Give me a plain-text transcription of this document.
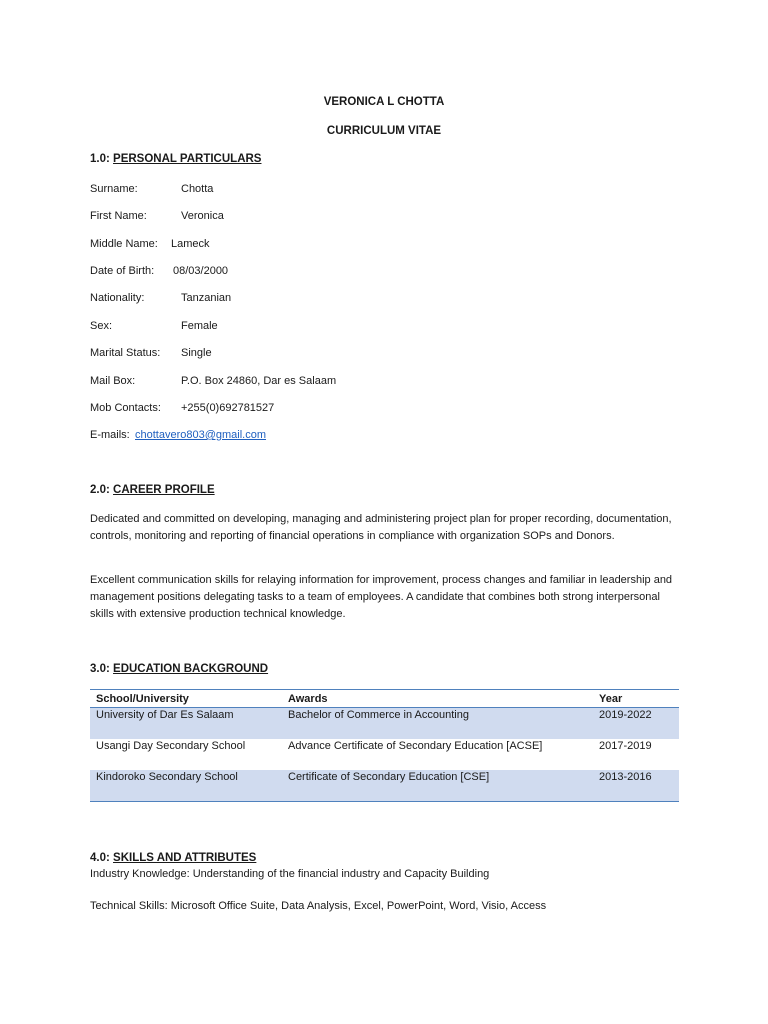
VERONICA L CHOTTA
CURRICULUM VITAE
1.0: PERSONAL PARTICULARS
Surname:	Chotta
First Name:	Veronica
Middle Name: Lameck
Date of Birth: 08/03/2000
Nationality:	Tanzanian
Sex:	Female
Marital Status: Single
Mail Box:	P.O. Box 24860, Dar es Salaam
Mob Contacts: +255(0)692781527
E-mails: chottavero803@gmail.com
2.0: CAREER PROFILE
Dedicated and committed on developing, managing and administering project plan for proper recording, documentation, controls, monitoring and reporting of financial operations in compliance with organization SOPs and Donors.
Excellent communication skills for relaying information for improvement, process changes and familiar in leadership and management positions delegating tasks to a team of employees. A candidate that combines both strong interpersonal skills with extensive production technical knowledge.
3.0: EDUCATION BACKGROUND
School/University	Awards	Year
University of Dar Es Salaam	Bachelor of Commerce in Accounting	2019-2022
Usangi Day Secondary School	Advance Certificate of Secondary Education [ACSE]	2017-2019
Kindoroko Secondary School	Certificate of Secondary Education [CSE]	2013-2016
4.0: SKILLS AND ATTRIBUTES
Industry Knowledge: Understanding of the financial industry and Capacity Building
Technical Skills: Microsoft Office Suite, Data Analysis, Excel, PowerPoint, Word, Visio, Access
